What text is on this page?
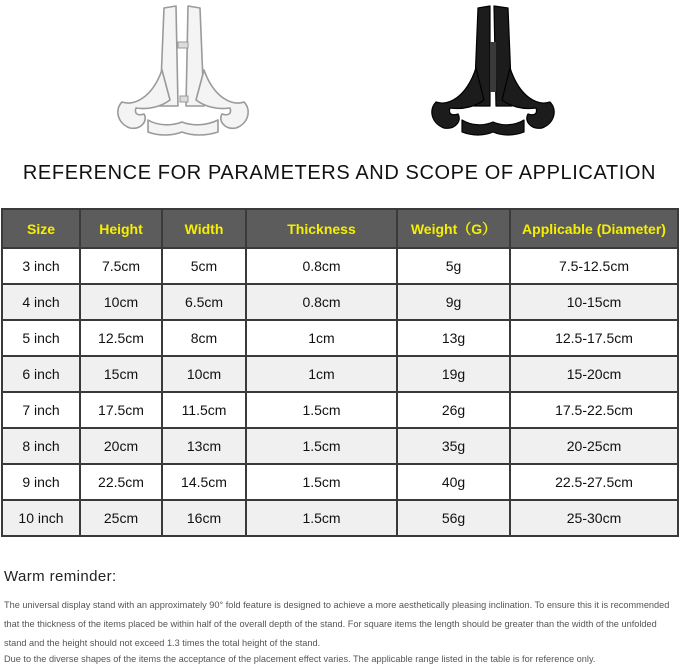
REFERENCE FOR PARAMETERS AND SCOPE OF APPLICATION
Size	Height	Width	Thickness	Weight（G）	Applicable (Diameter)
3 inch	7.5cm	5cm	0.8cm	5g	7.5-12.5cm
4 inch	10cm	6.5cm	0.8cm	9g	10-15cm
5 inch	12.5cm	8cm	1cm	13g	12.5-17.5cm
6 inch	15cm	10cm	1cm	19g	15-20cm
7 inch	17.5cm	11.5cm	1.5cm	26g	17.5-22.5cm
8 inch	20cm	13cm	1.5cm	35g	20-25cm
9 inch	22.5cm	14.5cm	1.5cm	40g	22.5-27.5cm
10 inch	25cm	16cm	1.5cm	56g	25-30cm
Warm reminder:
The universal display stand with an approximately 90° fold feature is designed to achieve a more aesthetically pleasing inclination. To ensure this it is recommended that the thickness of the items placed be within half of the overall depth of the stand. For square items the length should be greater than the width of the unfolded stand and the height should not exceed 1.3 times the total height of the stand.
Due to the diverse shapes of the items the acceptance of the placement effect varies. The applicable range listed in the table is for reference only.
